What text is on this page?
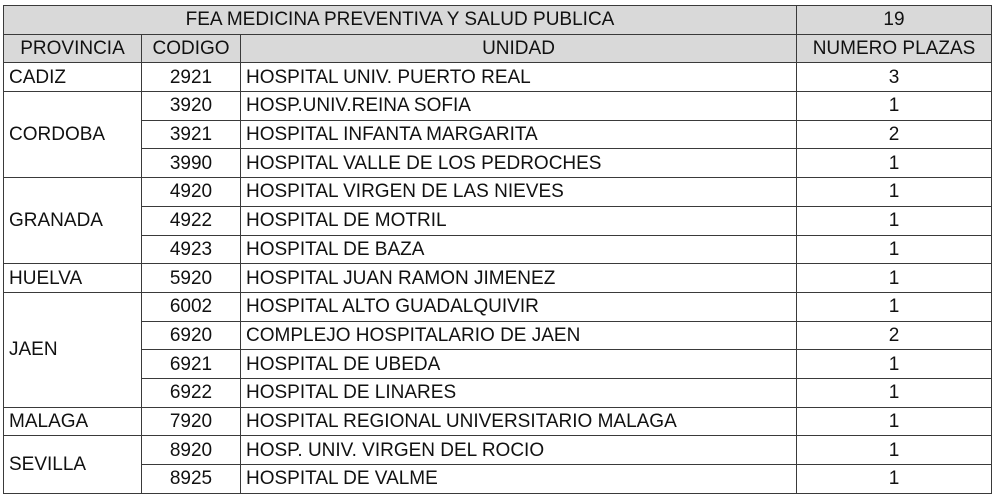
FEA MEDICINA PREVENTIVA Y SALUD PUBLICA			19
PROVINCIA	CODIGO	UNIDAD	NUMERO PLAZAS
CADIZ	2921	HOSPITAL UNIV. PUERTO REAL	3
CORDOBA	3920	HOSP.UNIV.REINA SOFIA	1
	3921	HOSPITAL INFANTA MARGARITA	2
	3990	HOSPITAL VALLE DE LOS PEDROCHES	1
GRANADA	4920	HOSPITAL VIRGEN DE LAS NIEVES	1
	4922	HOSPITAL DE MOTRIL	1
	4923	HOSPITAL DE BAZA	1
HUELVA	5920	HOSPITAL JUAN RAMON JIMENEZ	1
JAEN	6002	HOSPITAL ALTO GUADALQUIVIR	1
	6920	COMPLEJO HOSPITALARIO DE JAEN	2
	6921	HOSPITAL DE UBEDA	1
	6922	HOSPITAL DE LINARES	1
MALAGA	7920	HOSPITAL REGIONAL UNIVERSITARIO MALAGA	1
SEVILLA	8920	HOSP. UNIV. VIRGEN DEL ROCIO	1
	8925	HOSPITAL DE VALME	1
